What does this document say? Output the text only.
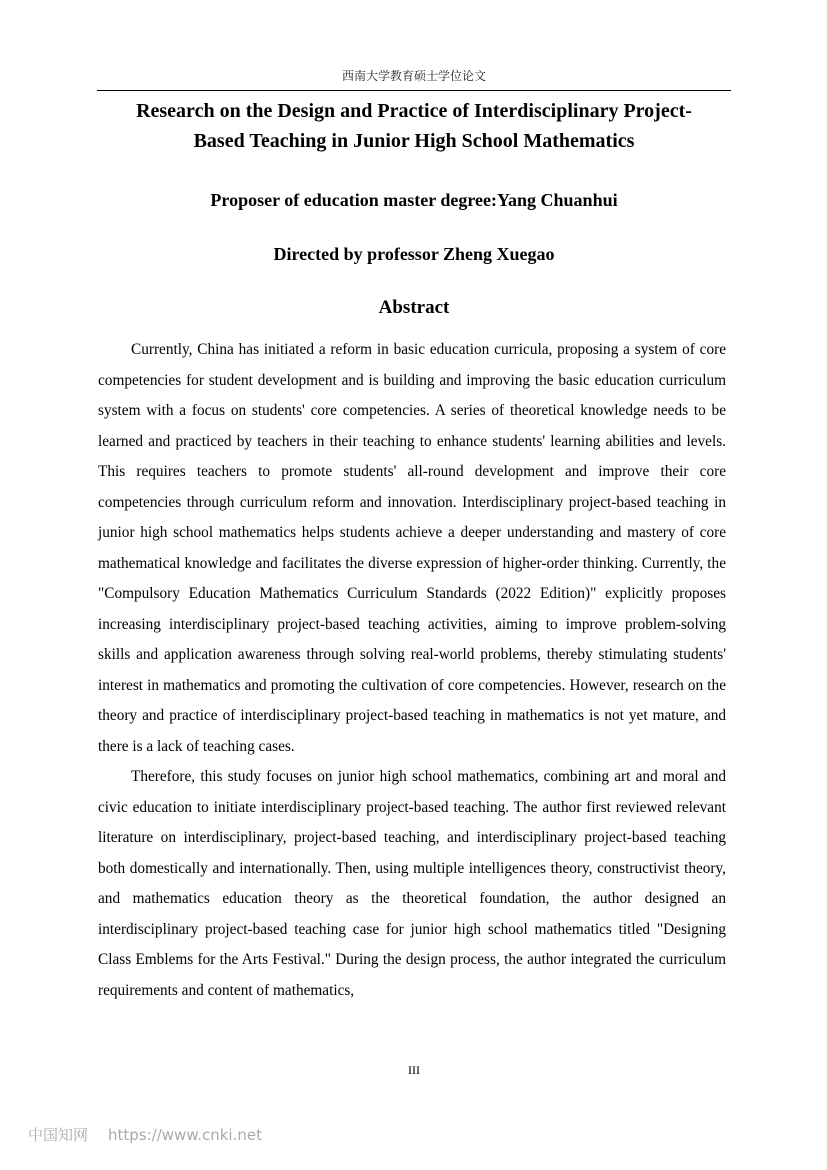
西南大学教育硕士学位论文
Research on the Design and Practice of Interdisciplinary Project-
Based Teaching in Junior High School Mathematics
Proposer of education master degree:Yang Chuanhui
Directed by professor Zheng Xuegao
Abstract

Currently, China has initiated a reform in basic education curricula, proposing a system of core competencies for student development and is building and improving the basic education curriculum system with a focus on students' core competencies. A series of theoretical knowledge needs to be learned and practiced by teachers in their teaching to enhance students' learning abilities and levels. This requires teachers to promote students' all-round development and improve their core competencies through curriculum reform and innovation. Interdisciplinary project-based teaching in junior high school mathematics helps students achieve a deeper understanding and mastery of core mathematical knowledge and facilitates the diverse expression of higher-order thinking. Currently, the "Compulsory Education Mathematics Curriculum Standards (2022 Edition)" explicitly proposes increasing interdisciplinary project-based teaching activities, aiming to improve problem-solving skills and application awareness through solving real-world problems, thereby stimulating students' interest in mathematics and promoting the cultivation of core competencies. However, research on the theory and practice of interdisciplinary project-based teaching in mathematics is not yet mature, and there is a lack of teaching cases.

Therefore, this study focuses on junior high school mathematics, combining art and moral and civic education to initiate interdisciplinary project-based teaching. The author first reviewed relevant literature on interdisciplinary, project-based teaching, and interdisciplinary project-based teaching both domestically and internationally. Then, using multiple intelligences theory, constructivist theory, and mathematics education theory as the theoretical foundation, the author designed an interdisciplinary project-based teaching case for junior high school mathematics titled "Designing Class Emblems for the Arts Festival." During the design process, the author integrated the curriculum requirements and content of mathematics,

III
中国知网 https://www.cnki.net
